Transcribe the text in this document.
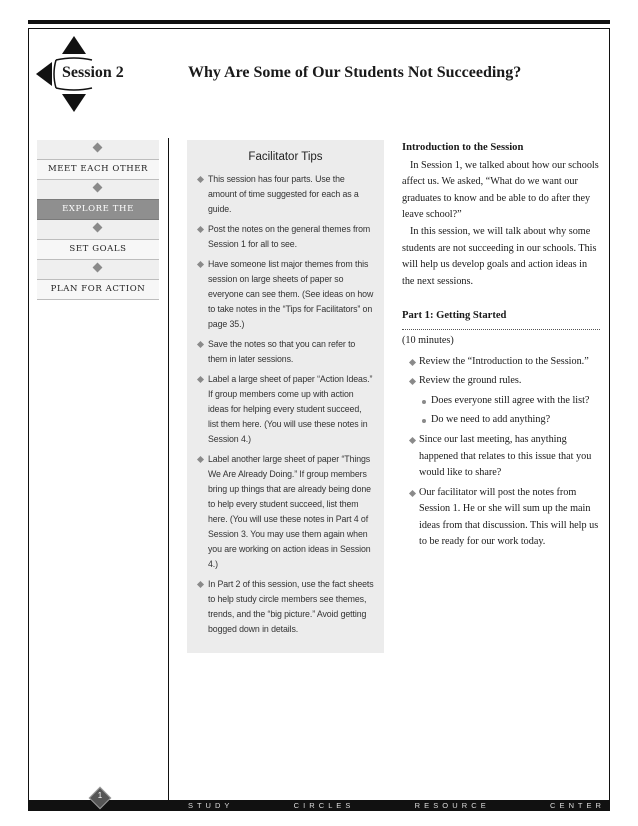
Session 2	Why Are Some of Our Students Not Succeeding?
MEET EACH OTHER
EXPLORE THE
SET GOALS
PLAN FOR ACTION
Facilitator Tips
This session has four parts. Use the amount of time suggested for each as a guide.
Post the notes on the general themes from Session 1 for all to see.
Have someone list major themes from this session on large sheets of paper so everyone can see them. (See ideas on how to take notes in the “Tips for Facilitators” on page 35.)
Save the notes so that you can refer to them in later sessions.
Label a large sheet of paper “Action Ideas.” If group members come up with action ideas for helping every student succeed, list them here. (You will use these notes in Session 4.)
Label another large sheet of paper “Things We Are Already Doing.” If group members bring up things that are already being done to help every student succeed, list them here. (You will use these notes in Part 4 of Session 3. You may use them again when you are working on action ideas in Session 4.)
In Part 2 of this session, use the fact sheets to help study circle members see themes, trends, and the “big picture.” Avoid getting bogged down in details.
Introduction to the Session

In Session 1, we talked about how our schools affect us. We asked, “What do we want our graduates to know and be able to do after they leave school?”

In this session, we will talk about why some students are not succeeding in our schools. This will help us develop goals and action ideas in the next sessions.

Part 1: Getting Started
(10 minutes)
Review the “Introduction to the Session.”
Review the ground rules.
Does everyone still agree with the list?
Do we need to add anything?
Since our last meeting, has anything happened that relates to this issue that you would like to share?
Our facilitator will post the notes from Session 1. He or she will sum up the main ideas from that discussion. This will help us to be ready for our work today.
S T U D Y	C I R C L E S	R E S O U R C E	C E N T E R
1
